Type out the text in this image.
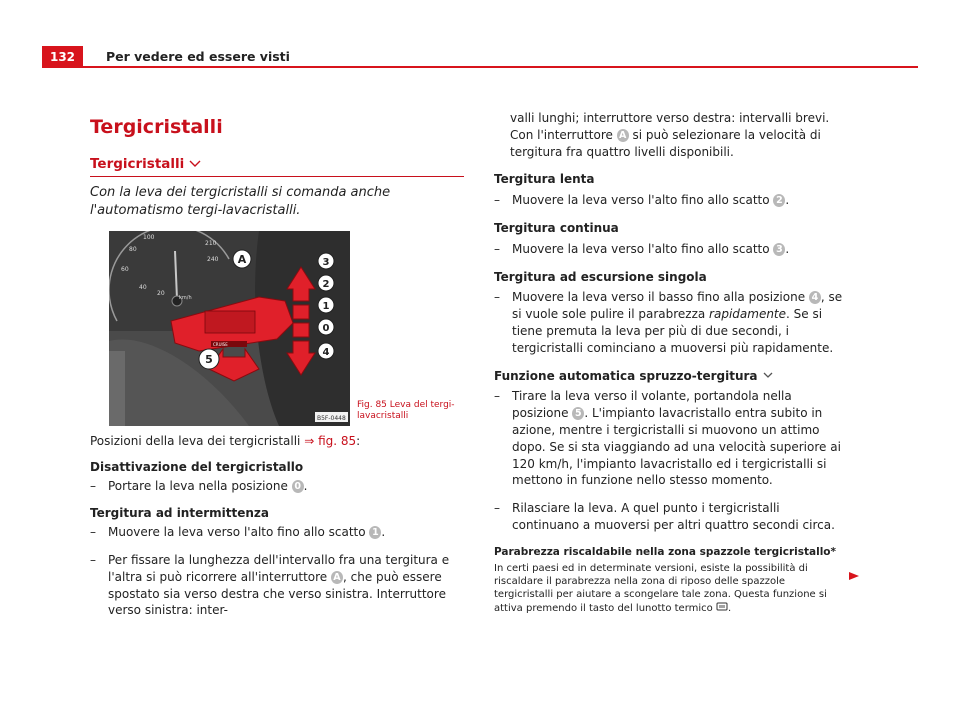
132	Per vedere ed essere visti
Tergicristalli
Tergicristalli
Con la leva dei tergicristalli si comanda anche l'automatismo tergi-lavacristalli.
100
80
60
40
20
km/h
210
240
CRUISE
A	3
2
1
0
4
5
B5F-0448
Fig. 85 Leva del tergi-lavacristalli

Posizioni della leva dei tergicristalli ⇒ fig. 85:

Disattivazione del tergicristallo

– Portare la leva nella posizione 0 .

Tergitura ad intermittenza

– Muovere la leva verso l'alto fino allo scatto 1 .

– Per fissare la lunghezza dell'intervallo fra una tergitura e l'altra si può ricorrere all'interruttore A , che può essere spostato sia verso destra che verso sinistra. Interruttore verso sinistra: inter-

valli lunghi; interruttore verso destra: intervalli brevi. Con l'interruttore A si può selezionare la velocità di tergitura fra quattro livelli disponibili.

Tergitura lenta

– Muovere la leva verso l'alto fino allo scatto 2 .

Tergitura continua

– Muovere la leva verso l'alto fino allo scatto 3 .

Tergitura ad escursione singola

– Muovere la leva verso il basso fino alla posizione 4 , se si vuole sole pulire il parabrezza rapidamente. Se si tiene premuta la leva per più di due secondi, i tergicristalli cominciano a muoversi più rapidamente.

Funzione automatica spruzzo-tergitura

– Tirare la leva verso il volante, portandola nella posizione 5 . L'impianto lavacristallo entra subito in azione, mentre i tergicristalli si muovono un attimo dopo. Se si sta viaggiando ad una velocità superiore ai 120 km/h, l'impianto lavacristallo ed i tergicristalli si mettono in funzione nello stesso momento.

– Rilasciare la leva. A quel punto i tergicristalli continuano a muoversi per altri quattro secondi circa.

Parabrezza riscaldabile nella zona spazzole tergicristallo*

In certi paesi ed in determinate versioni, esiste la possibilità di riscaldare il parabrezza nella zona di riposo delle spazzole tergicristalli per aiutare a scongelare tale zona. Questa funzione si attiva premendo il tasto del lunotto termico .
